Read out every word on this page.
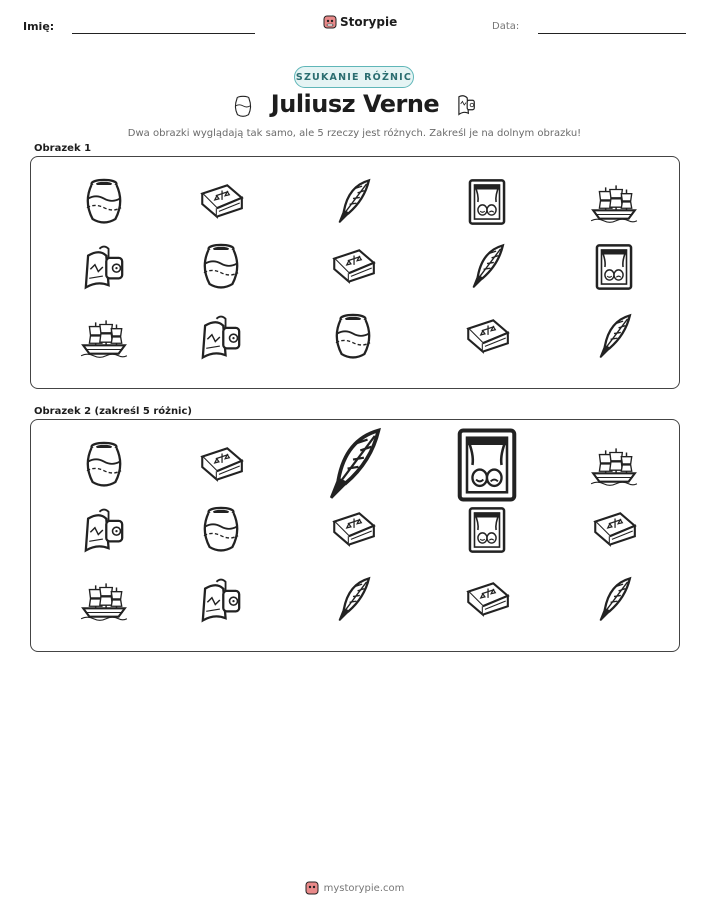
Imię:	Storypie	Data:
SZUKANIE RÓŻNIC
Juliusz Verne
Dwa obrazki wyglądają tak samo, ale 5 rzeczy jest różnych. Zakreśl je na dolnym obrazku!
Obrazek 1
Obrazek 2 (zakreśl 5 różnic)
mystorypie.com
